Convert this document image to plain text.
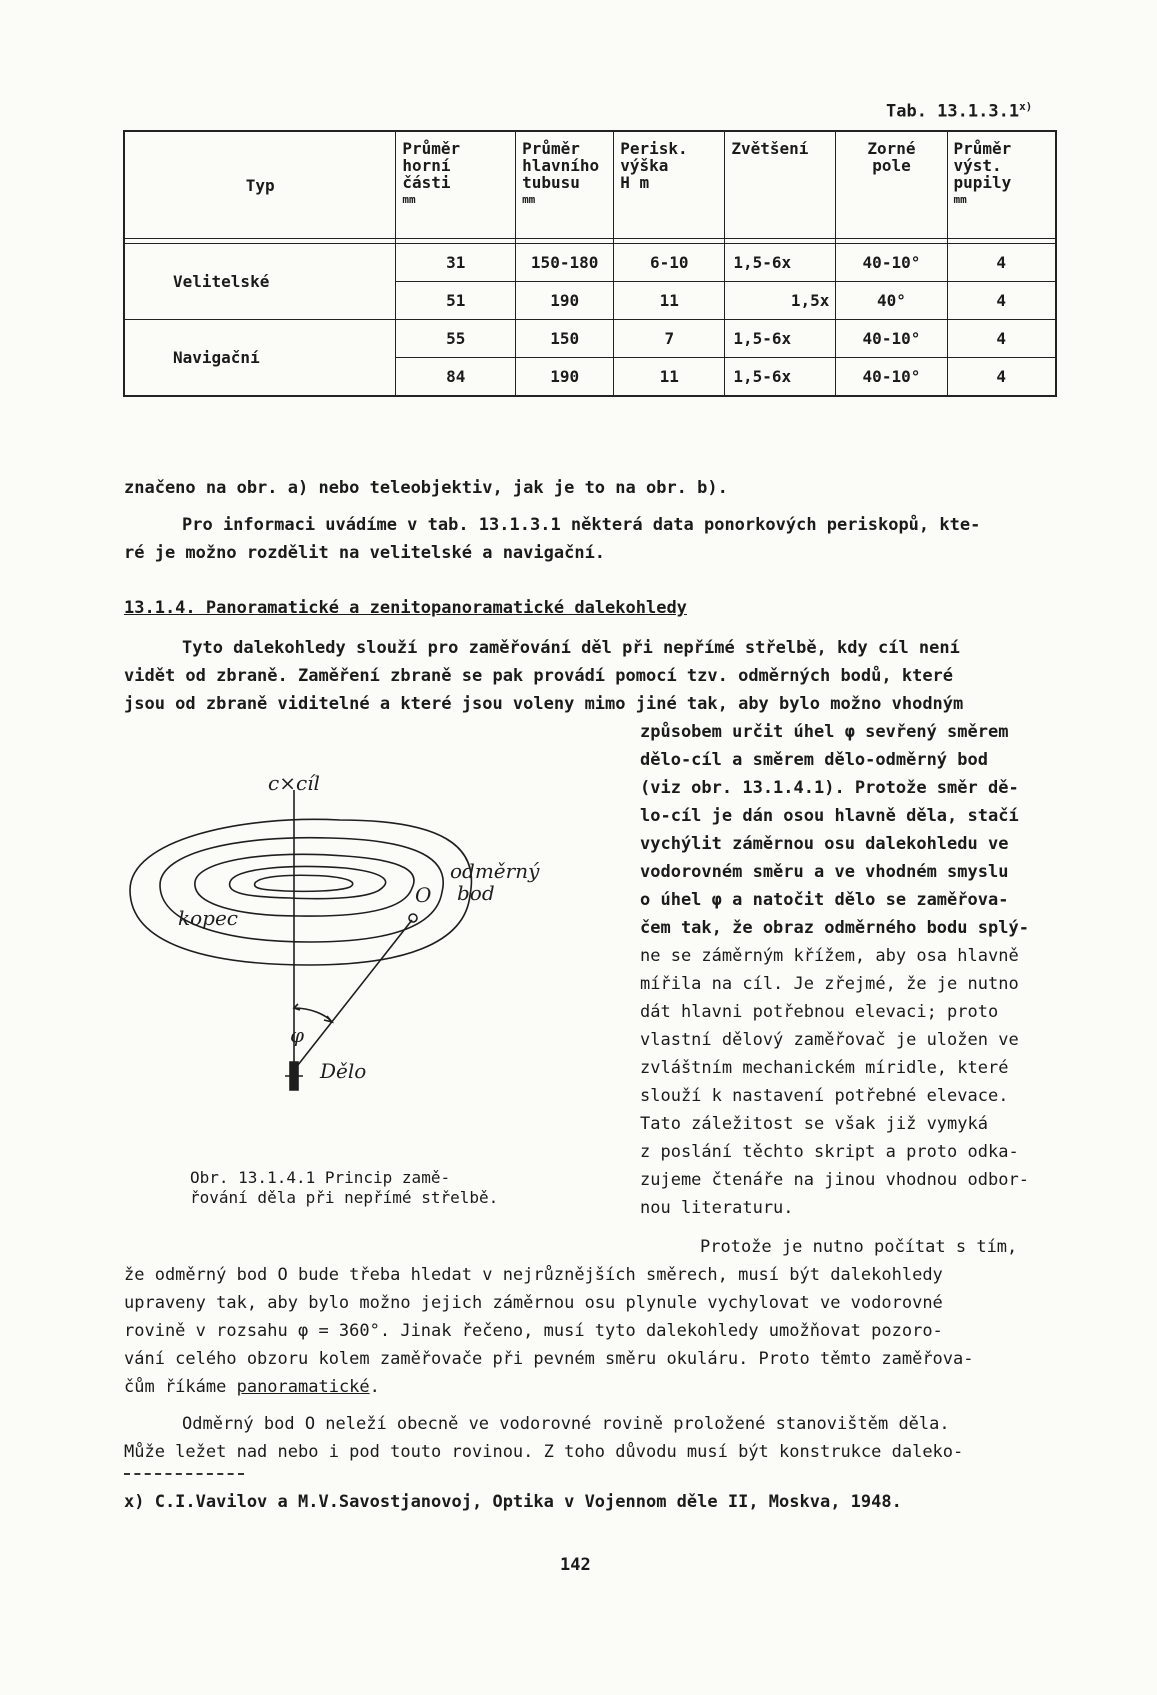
Tab. 13.1.3.1$^{x)}$
Typ	Průměr
horní
části
mm	Průměr
hlavního
tubusu
mm	Perisk.
výška
H m	Zvětšení	Zorné
pole	Průměr
výst.
pupily
mm

Velitelské	31	150-180	6-10	1,5-6x	40-10°	4
	51	190	11	1,5x	40°	4
Navigační	55	150	7	1,5-6x	40-10°	4
	84	190	11	1,5-6x	40-10°	4
značeno na obr. a) nebo teleobjektiv, jak je to na obr. b).
Pro informaci uvádíme v tab. 13.1.3.1 některá data ponorkových periskopů, kte-
ré je možno rozdělit na velitelské a navigační.
13.1.4. Panoramatické a zenitopanoramatické dalekohledy
Tyto dalekohledy slouží pro zaměřování děl při nepřímé střelbě, kdy cíl není
vidět od zbraně. Zaměření zbraně se pak provádí pomocí tzv. odměrných bodů, které
jsou od zbraně viditelné a které jsou voleny mimo jiné tak, aby bylo možno vhodným
způsobem určit úhel φ sevřený směrem
dělo-cíl a směrem dělo-odměrný bod
(viz obr. 13.1.4.1). Protože směr dě-
lo-cíl je dán osou hlavně děla, stačí
vychýlit záměrnou osu dalekohledu ve
vodorovném směru a ve vhodném smyslu
o úhel φ a natočit dělo se zaměřova-
čem tak, že obraz odměrného bodu splý-
ne se záměrným křížem, aby osa hlavně
mířila na cíl. Je zřejmé, že je nutno
dát hlavni potřebnou elevaci; proto
vlastní dělový zaměřovač je uložen ve
zvláštním mechanickém míridle, které
slouží k nastavení potřebné elevace.
Tato záležitost se však již vymyká
z poslání těchto skript a proto odka-
zujeme čtenáře na jinou vhodnou odbor-
nou literaturu.
c×cíl
O
odměrný
bod
kopec
φ
Dělo
Obr. 13.1.4.1 Princip zamě-
řování děla při nepřímé střelbě.
Protože je nutno počítat s tím,
že odměrný bod O bude třeba hledat v nejrůznějších směrech, musí být dalekohledy
upraveny tak, aby bylo možno jejich záměrnou osu plynule vychylovat ve vodorovné
rovině v rozsahu φ = 360°. Jinak řečeno, musí tyto dalekohledy umožňovat pozoro-
vání celého obzoru kolem zaměřovače při pevném směru okuláru. Proto těmto zaměřova-
čům říkáme panoramatické.
Odměrný bod O neleží obecně ve vodorovné rovině proložené stanovištěm děla.
Může ležet nad nebo i pod touto rovinou. Z toho důvodu musí být konstrukce daleko-
x) C.I.Vavilov a M.V.Savostjanovoj, Optika v Vojennom děle II, Moskva, 1948.
142
